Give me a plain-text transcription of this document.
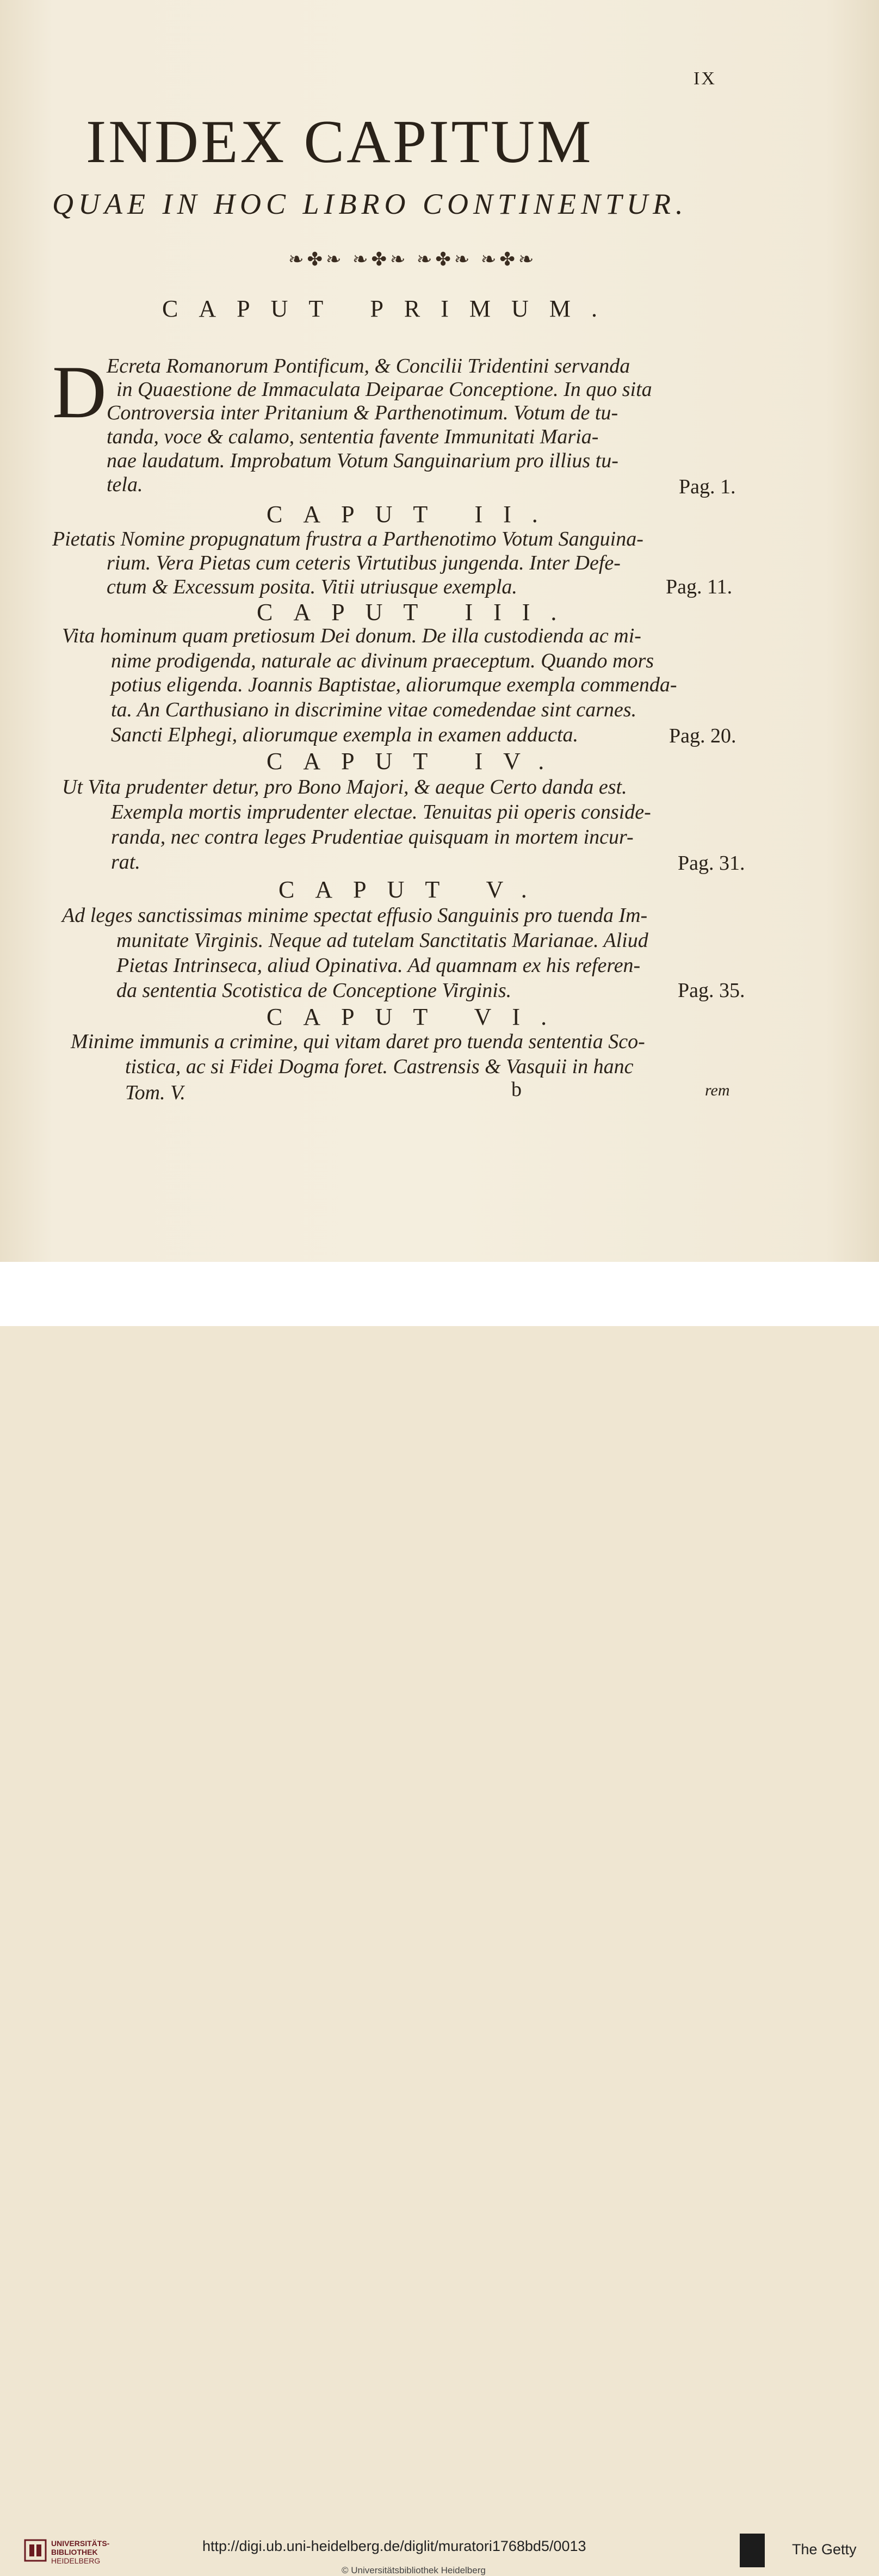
IX
INDEX CAPITUM
QUAE IN HOC LIBRO CONTINENTUR.
❧✤❧ ❧✤❧ ❧✤❧ ❧✤❧
CAPUT PRIMUM.
D Ecreta Romanorum Pontificum, & Concilii Tridentini servanda
in Quaestione de Immaculata Deiparae Conceptione. In quo sita
Controversia inter Pritanium & Parthenotimum. Votum de tu-
tanda, voce & calamo, sententia favente Immunitati Maria-
nae laudatum. Improbatum Votum Sanguinarium pro illius tu-
tela.	Pag. 1.
CAPUT II.
Pietatis Nomine propugnatum frustra a Parthenotimo Votum Sanguina-
rium. Vera Pietas cum ceteris Virtutibus jungenda. Inter Defe-
ctum & Excessum posita. Vitii utriusque exempla.	Pag. 11.
CAPUT III.
Vita hominum quam pretiosum Dei donum. De illa custodienda ac mi-
nime prodigenda, naturale ac divinum praeceptum. Quando mors
potius eligenda. Joannis Baptistae, aliorumque exempla commenda-
ta. An Carthusiano in discrimine vitae comedendae sint carnes.
Sancti Elphegi, aliorumque exempla in examen adducta.	Pag. 20.
CAPUT IV.
Ut Vita prudenter detur, pro Bono Majori, & aeque Certo danda est.
Exempla mortis imprudenter electae. Tenuitas pii operis conside-
randa, nec contra leges Prudentiae quisquam in mortem incur-
rat.	Pag. 31.
CAPUT V.
Ad leges sanctissimas minime spectat effusio Sanguinis pro tuenda Im-
munitate Virginis. Neque ad tutelam Sanctitatis Marianae. Aliud
Pietas Intrinseca, aliud Opinativa. Ad quamnam ex his referen-
da sententia Scotistica de Conceptione Virginis.	Pag. 35.
CAPUT VI.
Minime immunis a crimine, qui vitam daret pro tuenda sententia Sco-
tistica, ac si Fidei Dogma foret. Castrensis & Vasquii in hanc
Tom. V.	b	rem
UNIVERSITÄTS-
BIBLIOTHEK
HEIDELBERG
http://digi.ub.uni-heidelberg.de/diglit/muratori1768bd5/0013
© Universitätsbibliothek Heidelberg
The Getty
